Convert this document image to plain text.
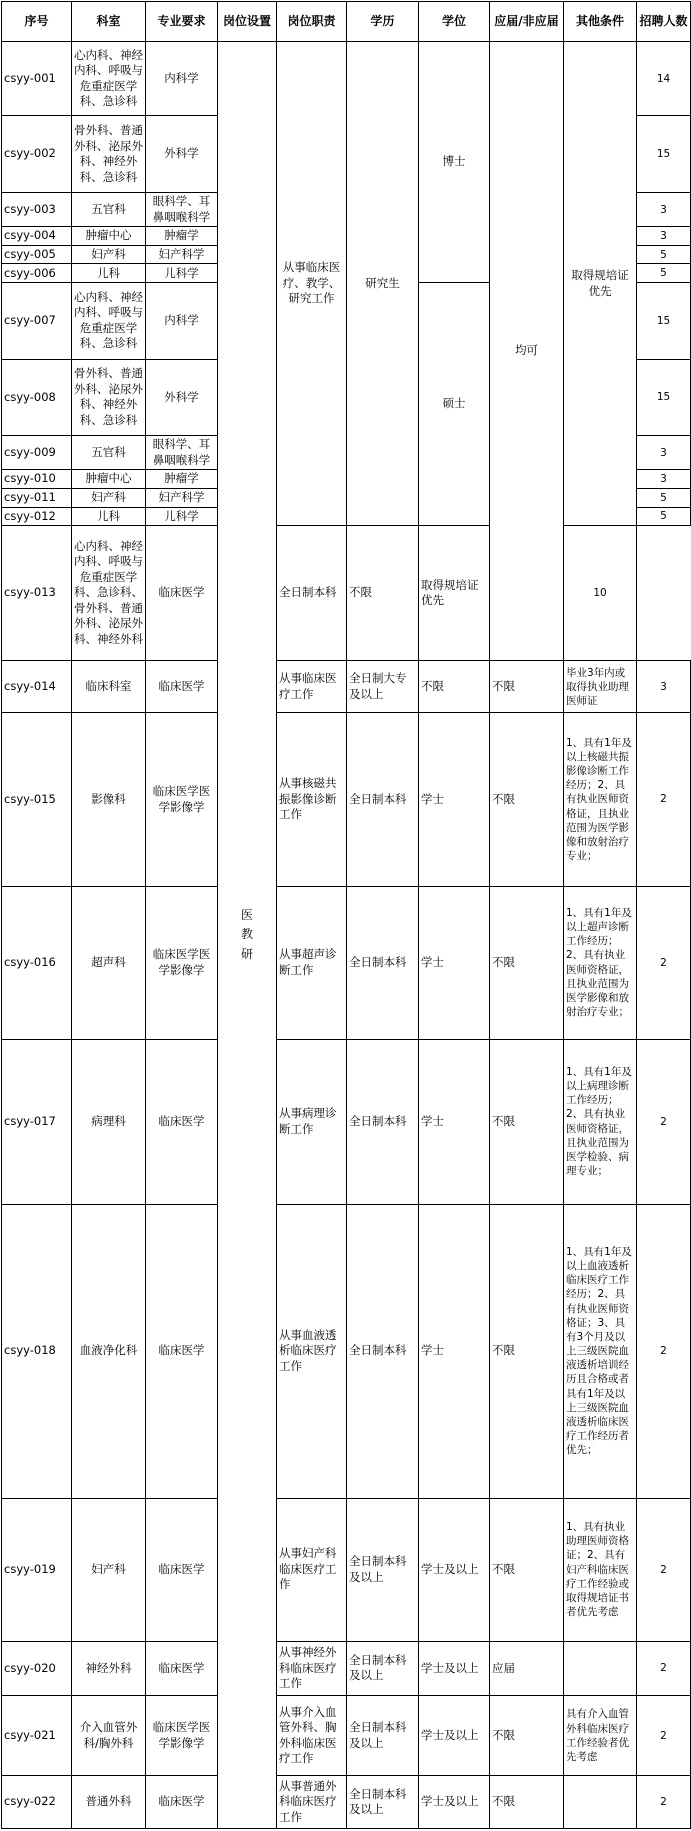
序号	科室	专业要求	岗位设置	岗位职责	学历	学位	应届/非应届	其他条件	招聘人数
csyy-001	心内科、神经内科、呼吸与危重症医学科、急诊科	内科学	医教研	从事临床医疗、教学、研究工作	研究生	博士	均可	取得规培证优先	14
csyy-002	骨外科、普通外科、泌尿外科、神经外科、急诊科	外科学							15
csyy-003	五官科	眼科学、耳鼻咽喉科学							3
csyy-004	肿瘤中心	肿瘤学							3
csyy-005	妇产科	妇产科学							5
csyy-006	儿科	儿科学							5
csyy-007	心内科、神经内科、呼吸与危重症医学科、急诊科	内科学				硕士			15
csyy-008	骨外科、普通外科、泌尿外科、神经外科、急诊科	外科学							15
csyy-009	五官科	眼科学、耳鼻咽喉科学							3
csyy-010	肿瘤中心	肿瘤学							3
csyy-011	妇产科	妇产科学							5
csyy-012	儿科	儿科学							5
csyy-013	心内科、神经内科、呼吸与危重症医学科、急诊科、骨外科、普通外科、泌尿外科、神经外科	临床医学		全日制本科	不限	取得规培证优先		10	
csyy-014	临床科室	临床医学		从事临床医疗工作	全日制大专及以上	不限	不限	毕业3年内或取得执业助理医师证	3
csyy-015	影像科	临床医学医学影像学		从事核磁共振影像诊断工作	全日制本科	学士	不限	1、具有1年及以上核磁共振影像诊断工作经历；2、具有执业医师资格证，且执业范围为医学影像和放射治疗专业；	2
csyy-016	超声科	临床医学医学影像学		从事超声诊断工作	全日制本科	学士	不限	1、具有1年及以上超声诊断工作经历；2、具有执业医师资格证，且执业范围为医学影像和放射治疗专业；	2
csyy-017	病理科	临床医学		从事病理诊断工作	全日制本科	学士	不限	1、具有1年及以上病理诊断工作经历；2、具有执业医师资格证，且执业范围为医学检验、病理专业；	2
csyy-018	血液净化科	临床医学		从事血液透析临床医疗工作	全日制本科	学士	不限	1、具有1年及以上血液透析临床医疗工作经历；2、具有执业医师资格证；3、具有3个月及以上三级医院血液透析培训经历且合格或者具有1年及以上三级医院血液透析临床医疗工作经历者优先；	2
csyy-019	妇产科	临床医学		从事妇产科临床医疗工作	全日制本科及以上	学士及以上	不限	1、具有执业助理医师资格证；2、具有妇产科临床医疗工作经验或取得规培证书者优先考虑	2
csyy-020	神经外科	临床医学		从事神经外科临床医疗工作	全日制本科及以上	学士及以上	应届		2
csyy-021	介入血管外科/胸外科	临床医学医学影像学		从事介入血管外科、胸外科临床医疗工作	全日制本科及以上	学士及以上	不限	具有介入血管外科临床医疗工作经验者优先考虑	2
csyy-022	普通外科	临床医学		从事普通外科临床医疗工作	全日制本科及以上	学士及以上	不限		2
